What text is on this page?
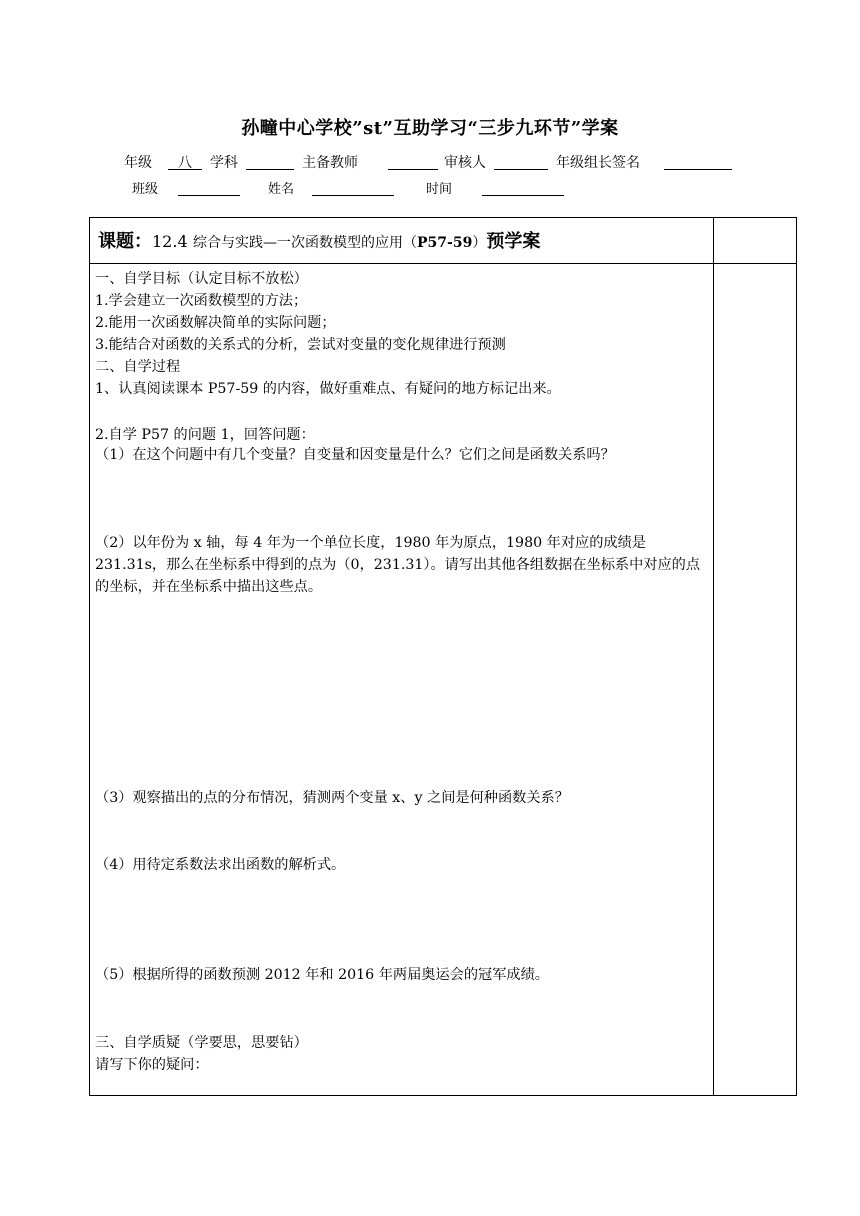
孙疃中心学校”st”互助学习“三步九环节”学案
年级	八	学科	主备教师	审核人	年级组长签名
班级	姓名	时间
课题：12.4 综合与实践—一次函数模型的应用（P57-59）预学案
一、自学目标（认定目标不放松）
1.学会建立一次函数模型的方法；
2.能用一次函数解决简单的实际问题；
3.能结合对函数的关系式的分析，尝试对变量的变化规律进行预测
二、自学过程
1、认真阅读课本 P57-59 的内容，做好重难点、有疑问的地方标记出来。
2.自学 P57 的问题 1，回答问题：
（1）在这个问题中有几个变量？自变量和因变量是什么？它们之间是函数关系吗？
（2）以年份为 x 轴，每 4 年为一个单位长度，1980 年为原点，1980 年对应的成绩是 231.31s，那么在坐标系中得到的点为（0，231.31）。请写出其他各组数据在坐标系中对应的点的坐标，并在坐标系中描出这些点。
（3）观察描出的点的分布情况，猜测两个变量 x、y 之间是何种函数关系？
（4）用待定系数法求出函数的解析式。
（5）根据所得的函数预测 2012 年和 2016 年两届奥运会的冠军成绩。
三、自学质疑（学要思，思要钻）
请写下你的疑问：
